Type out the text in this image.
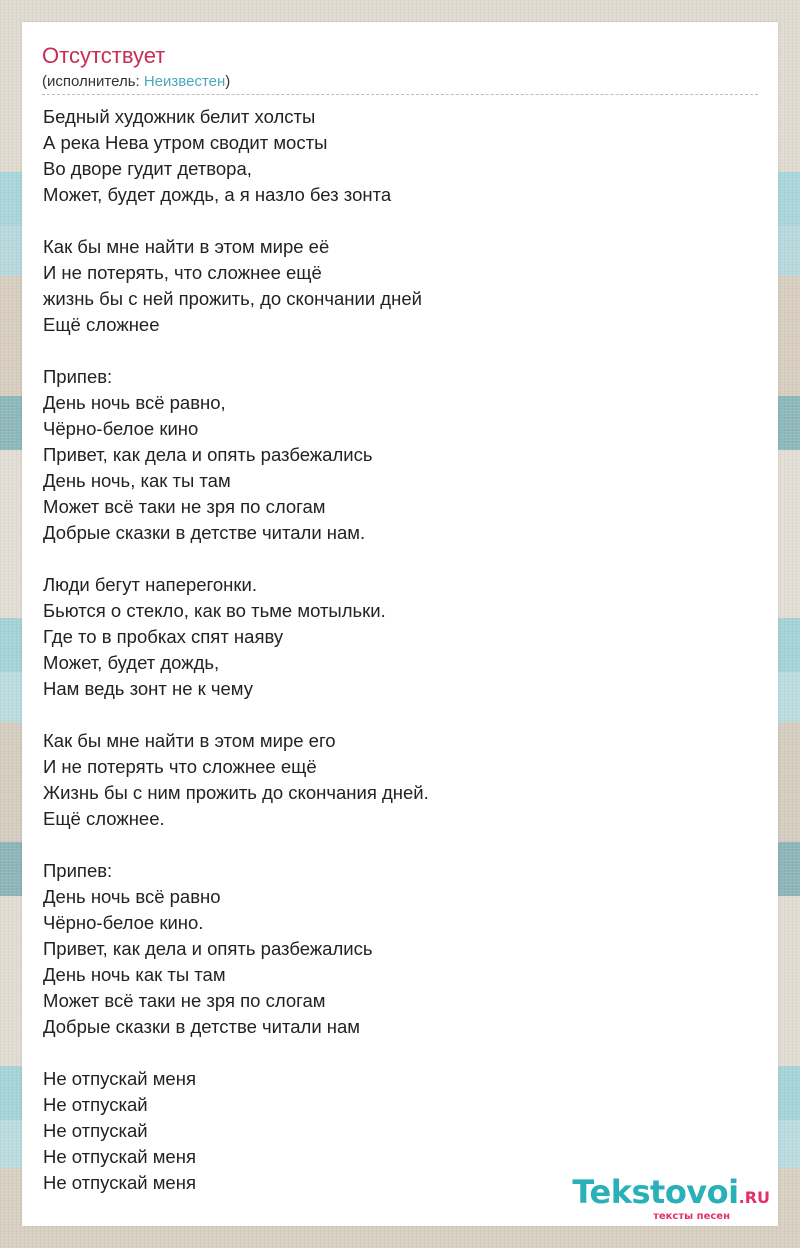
Отсутствует
(исполнитель: Неизвестен)
Бедный художник белит холсты
А река Нева утром сводит мосты
Во дворе гудит детвора,
Может, будет дождь, а я назло без зонта
Как бы мне найти в этом мире её
И не потерять, что сложнее ещё
жизнь бы с ней прожить, до скончании дней
Ещё сложнее
Припев:
День ночь всё равно,
Чёрно-белое кино
Привет, как дела и опять разбежались
День ночь, как ты там
Может всё таки не зря по слогам
Добрые сказки в детстве читали нам.
Люди бегут наперегонки.
Бьются о стекло, как во тьме мотыльки.
Где то в пробках спят наяву
Может, будет дождь,
Нам ведь зонт не к чему
Как бы мне найти в этом мире его
И не потерять что сложнее ещё
Жизнь бы с ним прожить до скончания дней.
Ещё сложнее.
Припев:
День ночь всё равно
Чёрно-белое кино.
Привет, как дела и опять разбежались
День ночь как ты там
Может всё таки не зря по слогам
Добрые сказки в детстве читали нам
Не отпускай меня
Не отпускай
Не отпускай
Не отпускай меня
Не отпускай меня	Tekstovoi.RU
тексты песен
